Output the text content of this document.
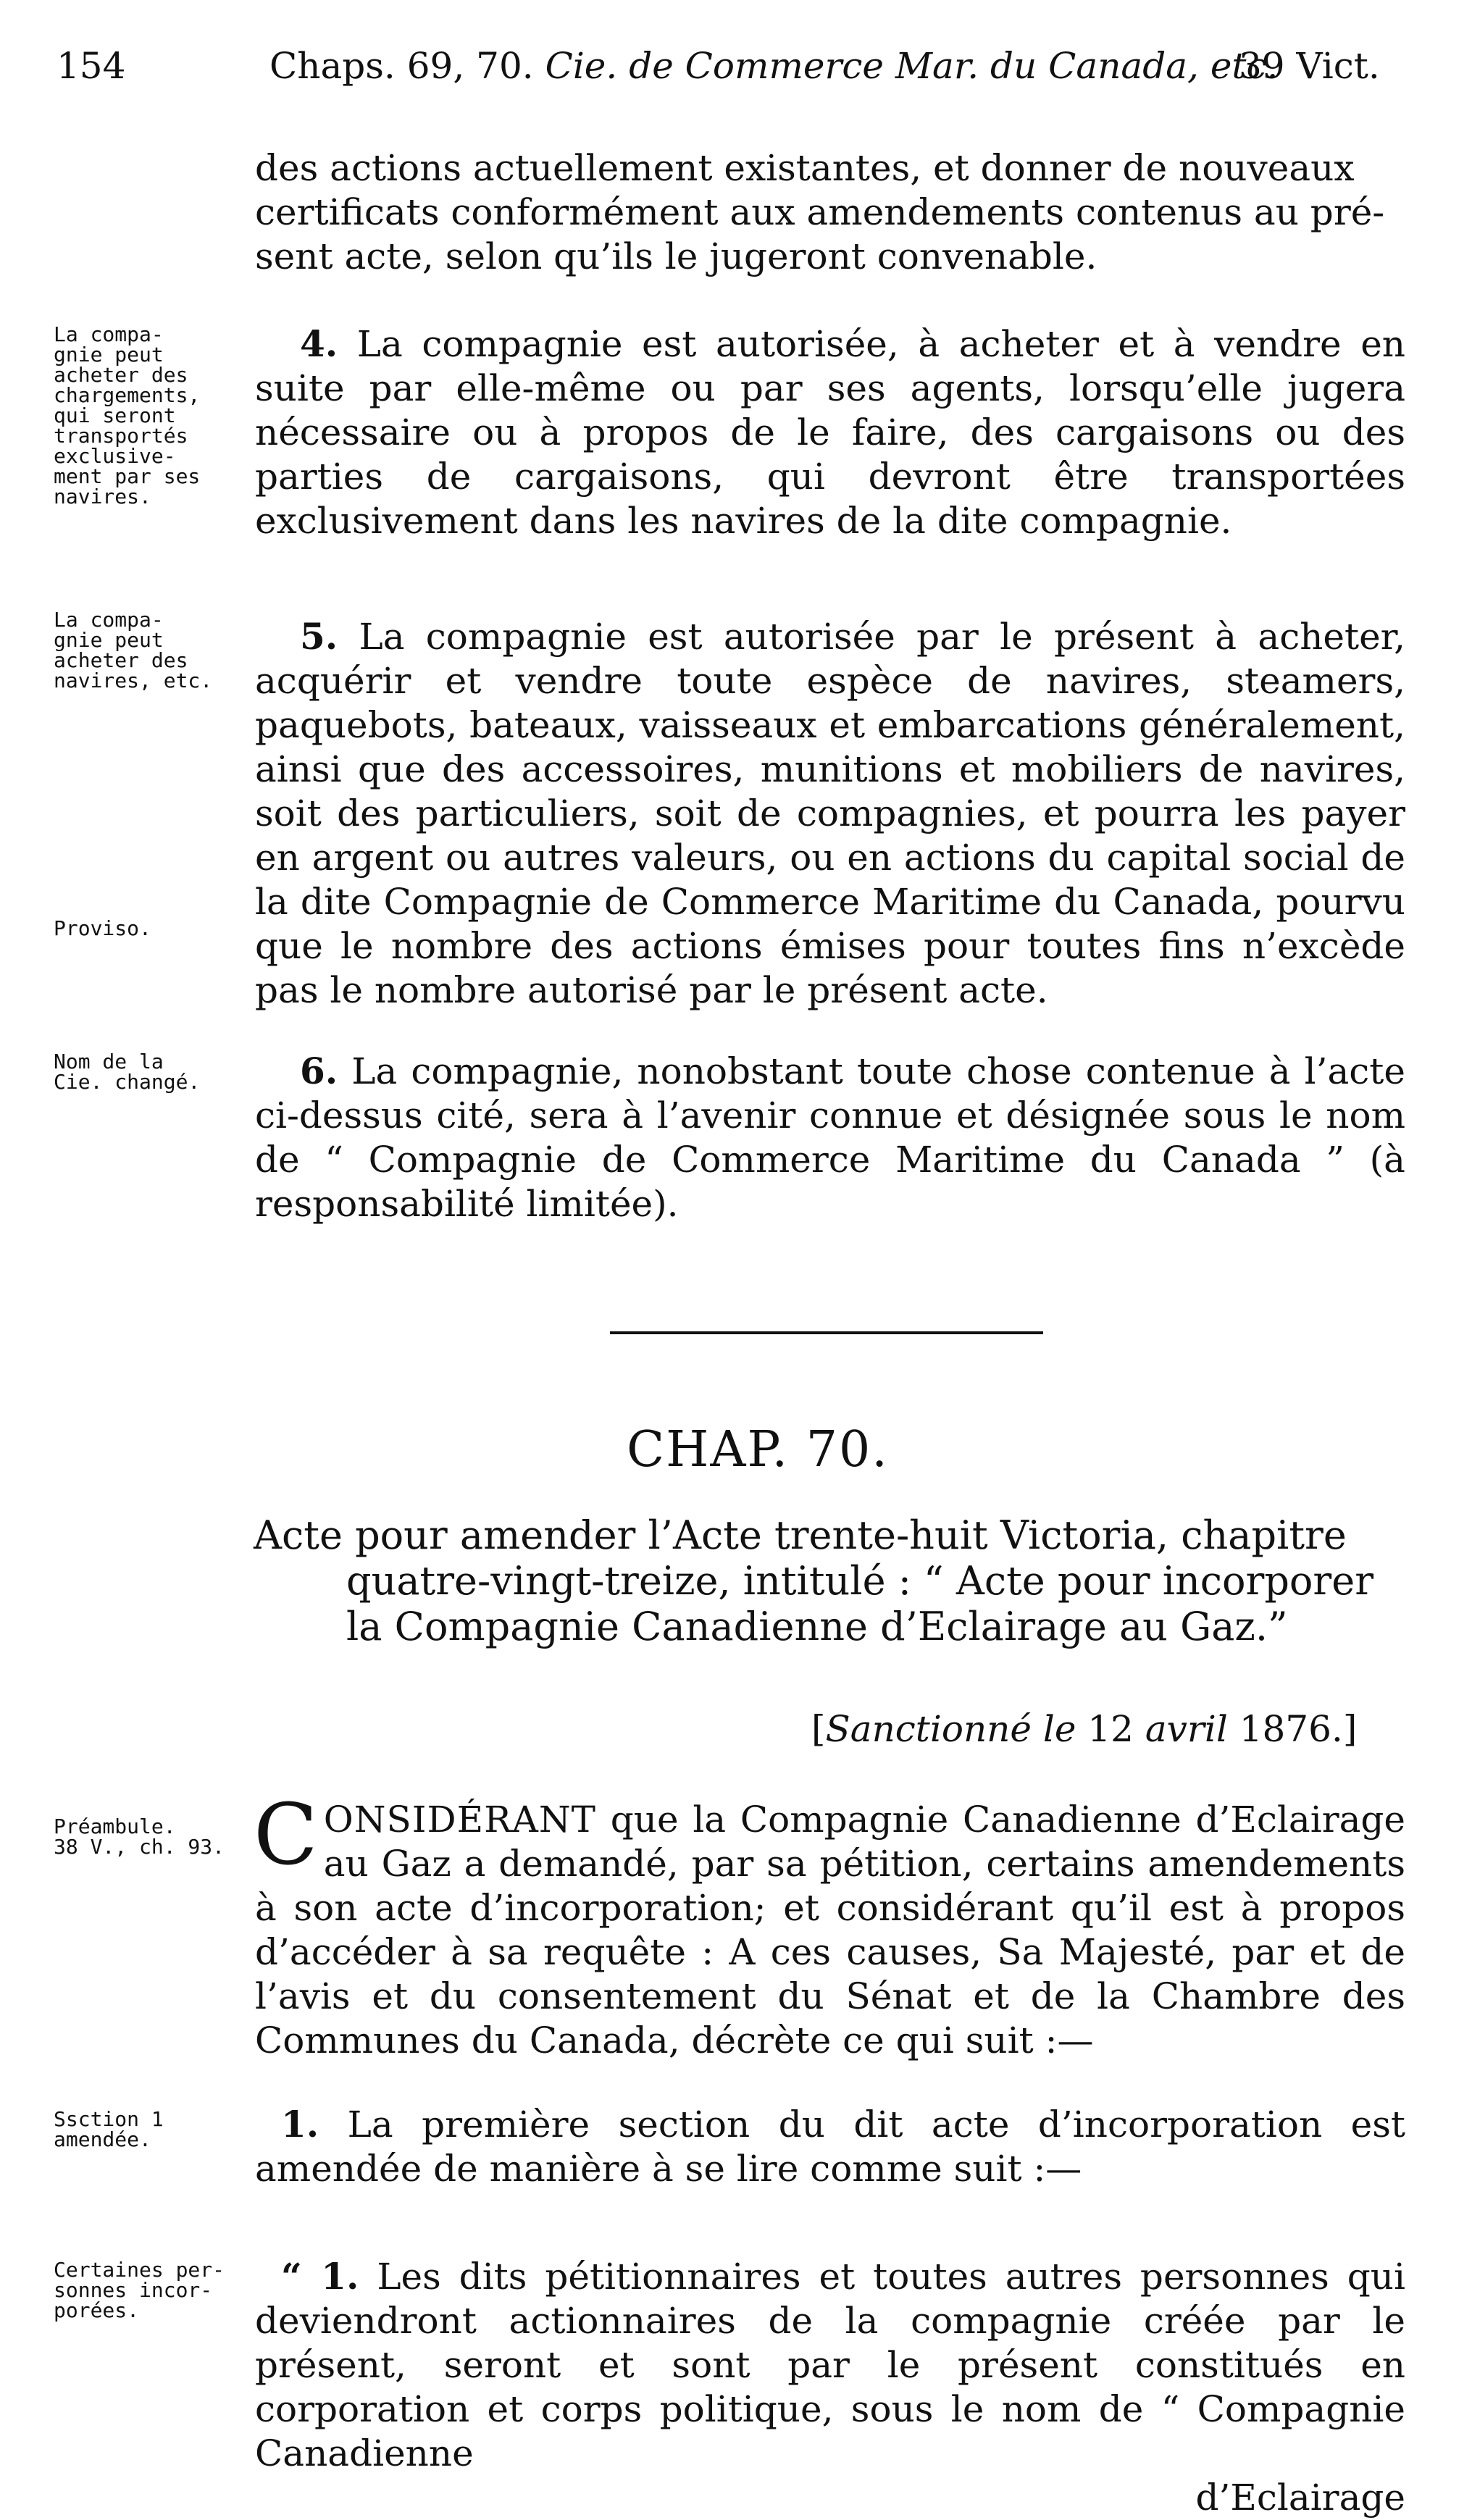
154	Chaps. 69, 70. Cie. de Commerce Mar. du Canada, etc.
39 Vict.
des actions actuellement existantes, et donner de nouveaux
certificats conformément aux amendements contenus au pré-
sent acte, selon qu’ils le jugeront convenable.
La compa-
gnie peut
acheter des
chargements,
qui seront
transportés
exclusive-
ment par ses
navires.

4. La compagnie est autorisée, à acheter et à vendre en suite par elle-même ou par ses agents, lorsqu’elle jugera nécessaire ou à propos de le faire, des cargaisons ou des parties de cargaisons, qui devront être transportées exclusivement dans les navires de la dite compagnie.

La compa-
gnie peut
acheter des
navires, etc.
Proviso.

5. La compagnie est autorisée par le présent à acheter, acquérir et vendre toute espèce de navires, steamers, paquebots, bateaux, vaisseaux et embarcations généralement, ainsi que des accessoires, munitions et mobiliers de navires, soit des particuliers, soit de compagnies, et pourra les payer en argent ou autres valeurs, ou en actions du capital social de la dite Compagnie de Commerce Maritime du Canada, pourvu que le nombre des actions émises pour toutes fins n’excède pas le nombre autorisé par le présent acte.

Nom de la
Cie. changé.	6. La compagnie, nonobstant toute chose contenue à l’acte ci-dessus cité, sera à l’avenir connue et désignée sous le nom de “ Compagnie de Commerce Maritime du Canada ” (à responsabilité limitée).

CHAP. 70.
Acte pour amender l’Acte trente-huit Victoria, chapitre
quatre-vingt-treize, intitulé : “ Acte pour incorporer
la Compagnie Canadienne d’Eclairage au Gaz.”
[Sanctionné le 12 avril 1876.]
Préambule.
38 V., ch. 93. CONSIDÉRANT que la Compagnie Canadienne d’Eclairage au Gaz a demandé, par sa pétition, certains amendements à son acte d’incorporation; et considérant qu’il est à propos d’accéder à sa requête : A ces causes, Sa Majesté, par et de l’avis et du consentement du Sénat et de la Chambre des Communes du Canada, décrète ce qui suit :—

Ssction 1
amendée.	1. La première section du dit acte d’incorporation est amendée de manière à se lire comme suit :—

Certaines per-
sonnes incor-
porées.

“ 1. Les dits pétitionnaires et toutes autres personnes qui deviendront actionnaires de la compagnie créée par le présent, seront et sont par le présent constitués en corporation et corps politique, sous le nom de “ Compagnie Canadienne

d’Eclairage
